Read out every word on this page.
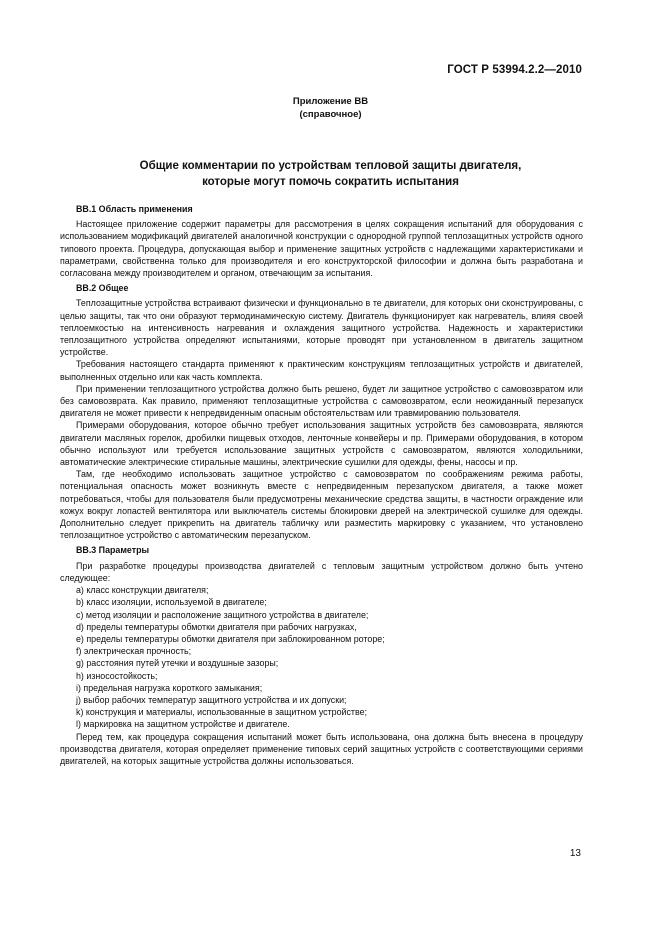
ГОСТ Р 53994.2.2—2010
Приложение ВВ
(справочное)
Общие комментарии по устройствам тепловой защиты двигателя,
которые могут помочь сократить испытания
ВВ.1 Область применения

Настоящее приложение содержит параметры для рассмотрения в целях сокращения испытаний для оборудования с использованием модификаций двигателей аналогичной конструкции с однородной группой теплозащитных устройств одного типового проекта. Процедура, допускающая выбор и применение защитных устройств с надлежащими характеристиками и параметрами, свойственна только для производителя и его конструкторской философии и должна быть разработана и согласована между производителем и органом, отвечающим за испытания.

ВВ.2 Общее

Теплозащитные устройства встраивают физически и функционально в те двигатели, для которых они сконструированы, с целью защиты, так что они образуют термодинамическую систему. Двигатель функционирует как нагреватель, влияя своей теплоемкостью на интенсивность нагревания и охлаждения защитного устройства. Надежность и характеристики теплозащитного устройства определяют испытаниями, которые проводят при установленном в двигатель защитном устройстве.

Требования настоящего стандарта применяют к практическим конструкциям теплозащитных устройств и двигателей, выполненных отдельно или как часть комплекта.

При применении теплозащитного устройства должно быть решено, будет ли защитное устройство с самовозвратом или без самовозврата. Как правило, применяют теплозащитные устройства с самовозвратом, если неожиданный перезапуск двигателя не может привести к непредвиденным опасным обстоятельствам или травмированию пользователя.

Примерами оборудования, которое обычно требует использования защитных устройств без самовозврата, являются двигатели масляных горелок, дробилки пищевых отходов, ленточные конвейеры и пр. Примерами оборудования, в котором обычно используют или требуется использование защитных устройств с самовозвратом, являются холодильники, автоматические электрические стиральные машины, электрические сушилки для одежды, фены, насосы и пр.

Там, где необходимо использовать защитное устройство с самовозвратом по соображениям режима работы, потенциальная опасность может возникнуть вместе с непредвиденным перезапуском двигателя, а также может потребоваться, чтобы для пользователя были предусмотрены механические средства защиты, в частности ограждение или кожух вокруг лопастей вентилятора или выключатель системы блокировки дверей на электрической сушилке для одежды. Дополнительно следует прикрепить на двигатель табличку или разместить маркировку с указанием, что установлено теплозащитное устройство с автоматическим перезапуском.

ВВ.3 Параметры

При разработке процедуры производства двигателей с тепловым защитным устройством должно быть учтено следующее:

a) класс конструкции двигателя;
b) класс изоляции, используемой в двигателе;
c) метод изоляции и расположение защитного устройства в двигателе;
d) пределы температуры обмотки двигателя при рабочих нагрузках,
e) пределы температуры обмотки двигателя при заблокированном роторе;
f) электрическая прочность;
g) расстояния путей утечки и воздушные зазоры;
h) износостойкость;
i) предельная нагрузка короткого замыкания;
j) выбор рабочих температур защитного устройства и их допуски;
k) конструкция и материалы, использованные в защитном устройстве;
l) маркировка на защитном устройстве и двигателе.

Перед тем, как процедура сокращения испытаний может быть использована, она должна быть внесена в процедуру производства двигателя, которая определяет применение типовых серий защитных устройств с соответствующими сериями двигателей, на которых защитные устройства должны использоваться.

13
